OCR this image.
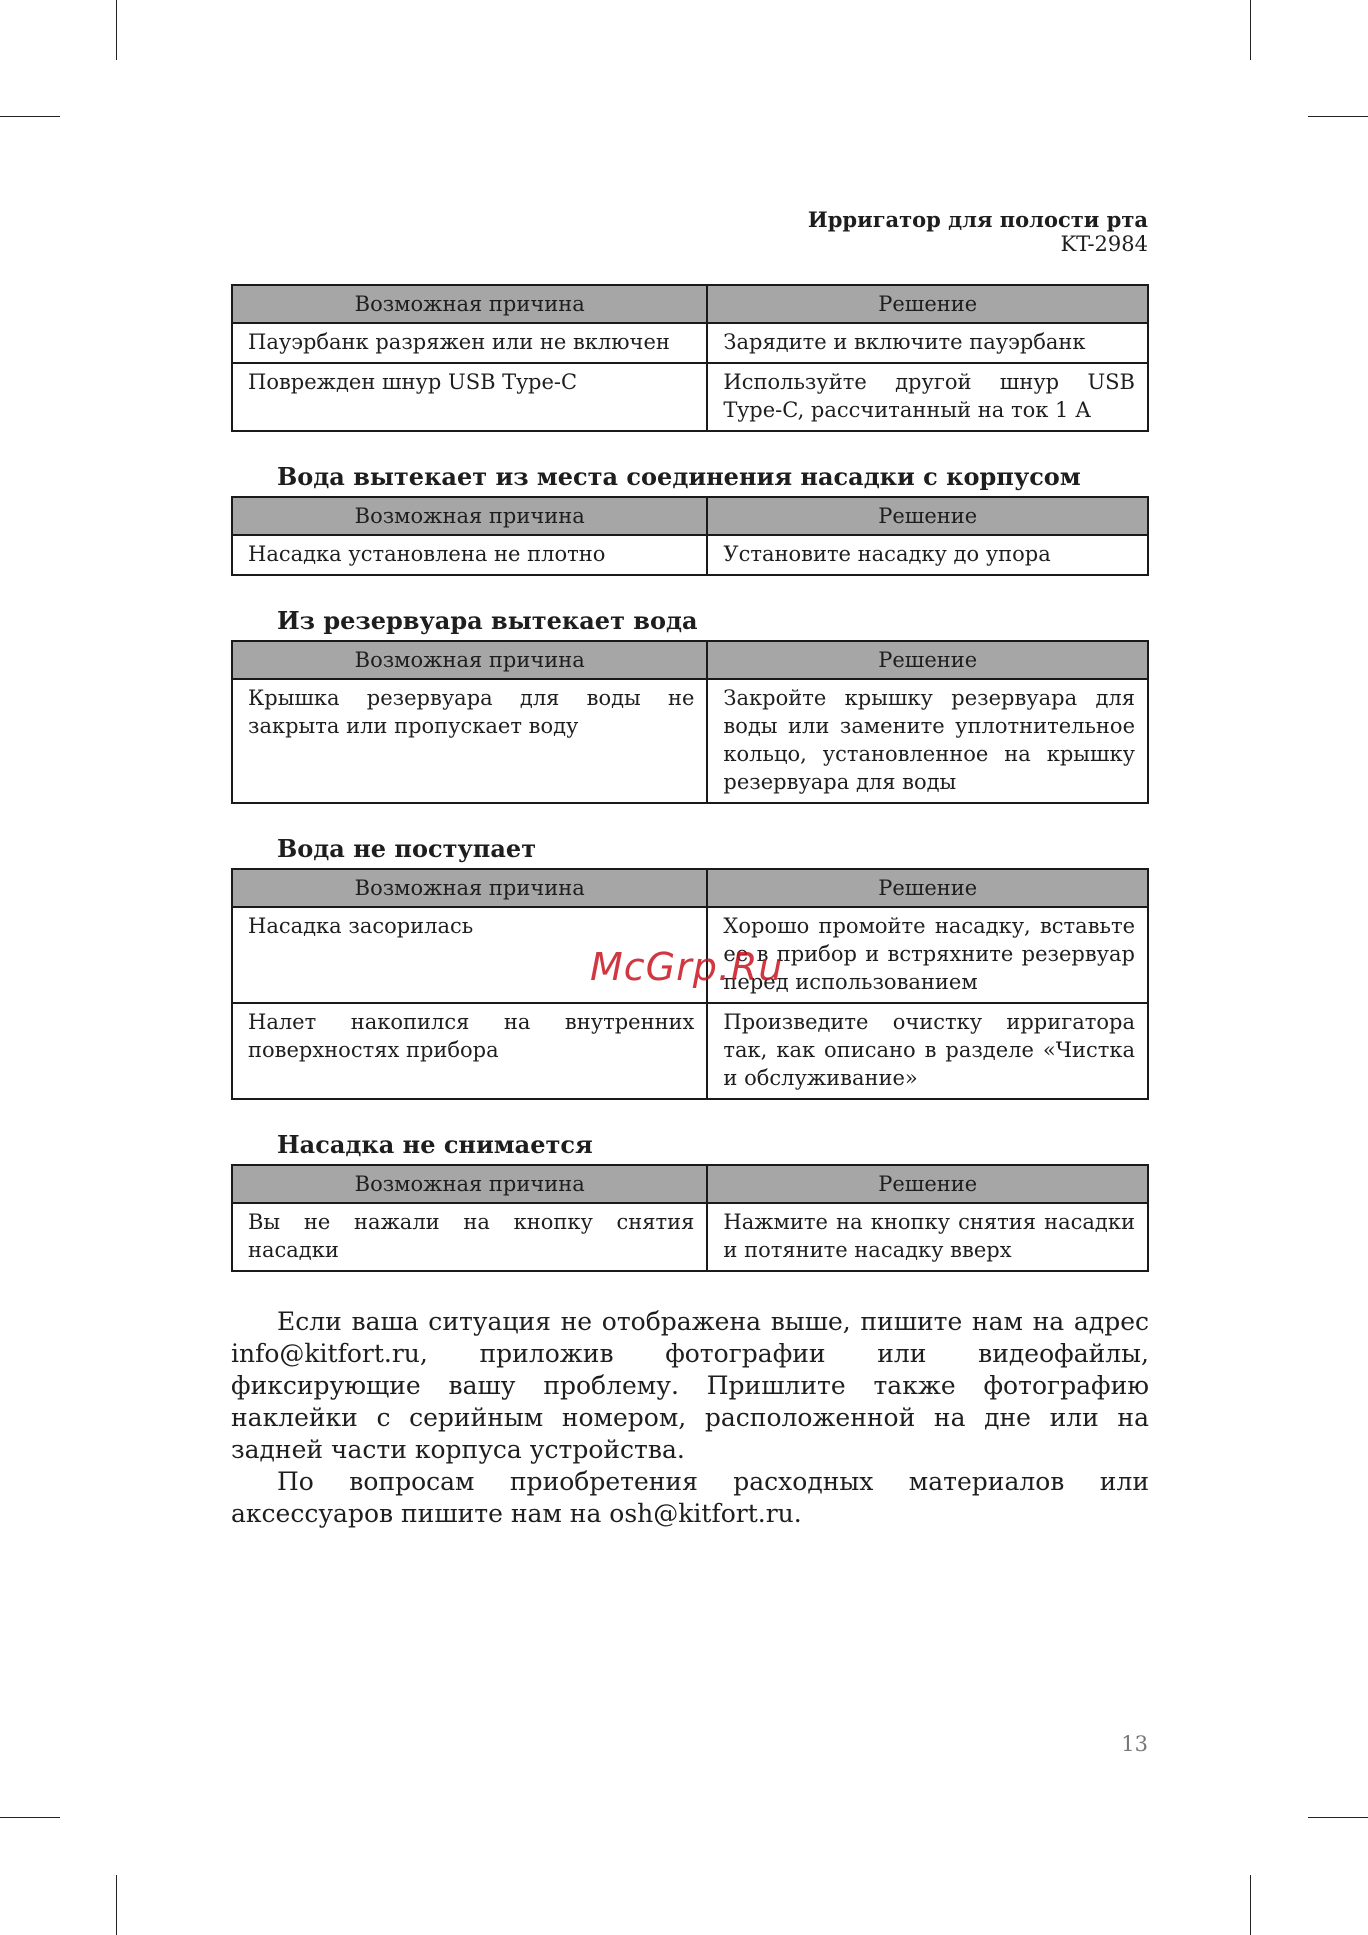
Ирригатор для полости рта
KT-2984
Возможная причина	Решение
Пауэрбанк разряжен или не включен	Зарядите и включите пауэрбанк
Поврежден шнур USB Type-C	Используйте другой шнур USB Type-C, рассчитанный на ток 1 А
Вода вытекает из места соединения насадки с корпусом
Возможная причина	Решение
Насадка установлена не плотно	Установите насадку до упора
Из резервуара вытекает вода
Возможная причина	Решение
Крышка резервуара для воды не закрыта или пропускает воду	Закройте крышку резервуара для воды или замените уплотнительное кольцо, установленное на крышку резервуара для воды
Вода не поступает
Возможная причина	Решение
Насадка засорилась	Хорошо промойте насадку, вставьте ее в прибор и встряхните резервуар перед использованием
Налет накопился на внутренних поверхностях прибора	Произведите очистку ирригатора так, как описано в разделе «Чистка и обслуживание»
Насадка не снимается
Возможная причина	Решение
Вы не нажали на кнопку снятия насадки	Нажмите на кнопку снятия насадки и потяните насадку вверх

Если ваша ситуация не отображена выше, пишите нам на адрес info@kitfort.ru, приложив фотографии или видеофайлы, фиксирующие вашу проблему. Пришлите также фотографию наклейки с серийным номером, расположенной на дне или на задней части корпуса устройства.

По вопросам приобретения расходных материалов или аксессуаров пишите нам на osh@kitfort.ru.

McGrp.Ru
13
